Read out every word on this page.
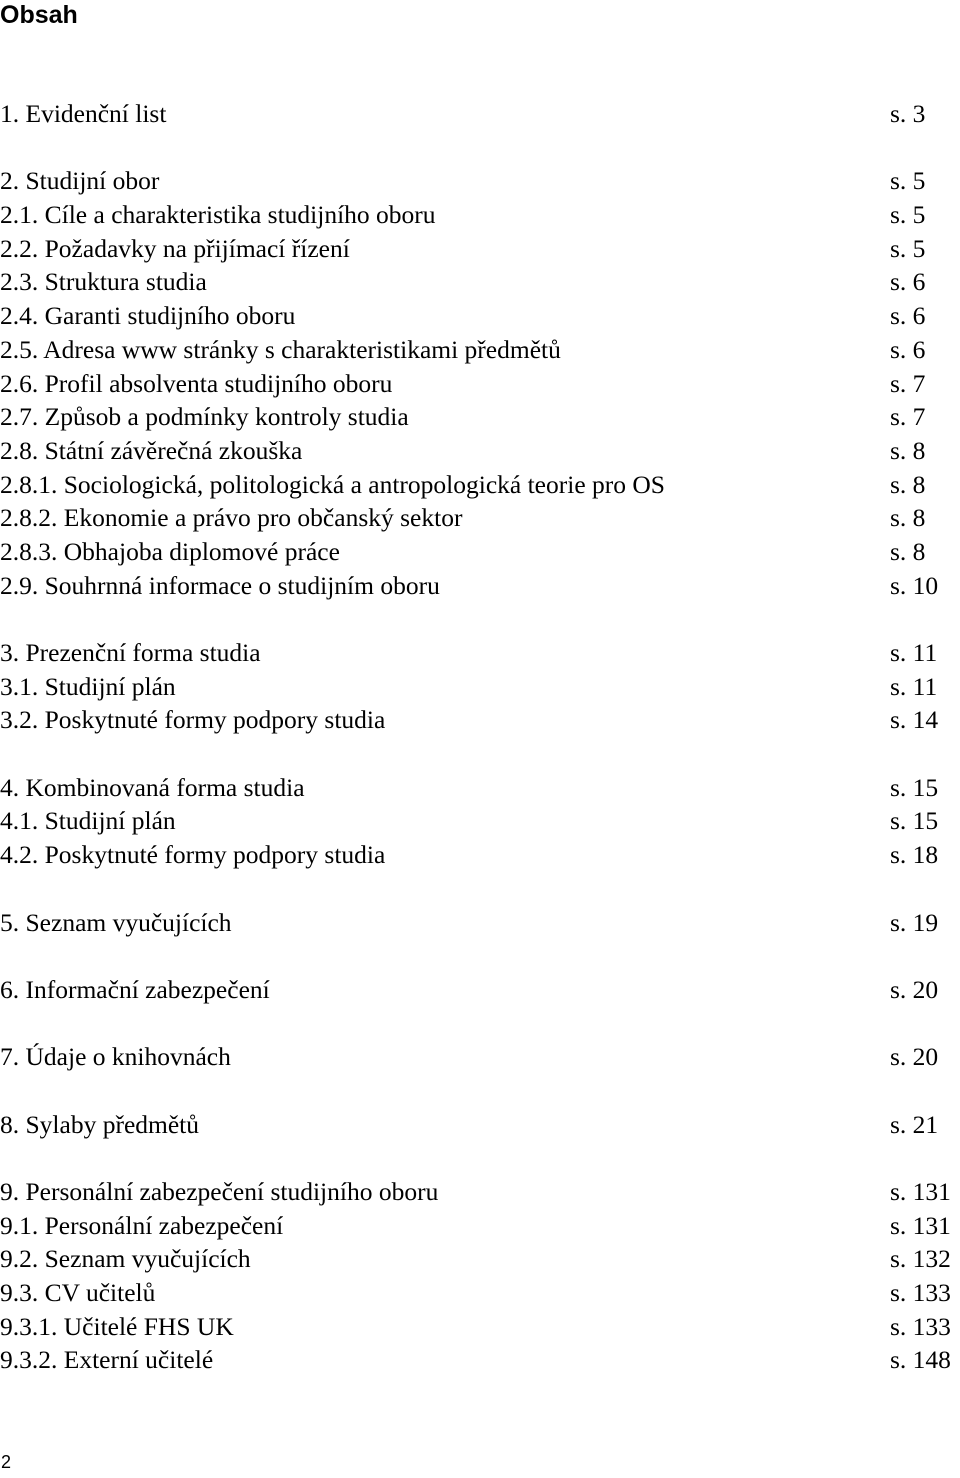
Obsah
1. Evidenční list	s. 3
2. Studijní obor	s. 5
2.1. Cíle a charakteristika studijního oboru	s. 5
2.2. Požadavky na přijímací řízení	s. 5
2.3. Struktura studia	s. 6
2.4. Garanti studijního oboru	s. 6
2.5. Adresa www stránky s charakteristikami předmětů	s. 6
2.6. Profil absolventa studijního oboru	s. 7
2.7. Způsob a podmínky kontroly studia	s. 7
2.8. Státní závěrečná zkouška	s. 8
2.8.1. Sociologická, politologická a antropologická teorie pro OS	s. 8
2.8.2. Ekonomie a právo pro občanský sektor	s. 8
2.8.3. Obhajoba diplomové práce	s. 8
2.9. Souhrnná informace o studijním oboru	s. 10
3. Prezenční forma studia	s. 11
3.1. Studijní plán	s. 11
3.2. Poskytnuté formy podpory studia	s. 14
4. Kombinovaná forma studia	s. 15
4.1. Studijní plán	s. 15
4.2. Poskytnuté formy podpory studia	s. 18
5. Seznam vyučujících	s. 19
6. Informační zabezpečení	s. 20
7. Údaje o knihovnách	s. 20
8. Sylaby předmětů	s. 21
9. Personální zabezpečení studijního oboru	s. 131
9.1. Personální zabezpečení	s. 131
9.2. Seznam vyučujících	s. 132
9.3. CV učitelů	s. 133
9.3.1. Učitelé FHS UK	s. 133
9.3.2. Externí učitelé	s. 148
2
